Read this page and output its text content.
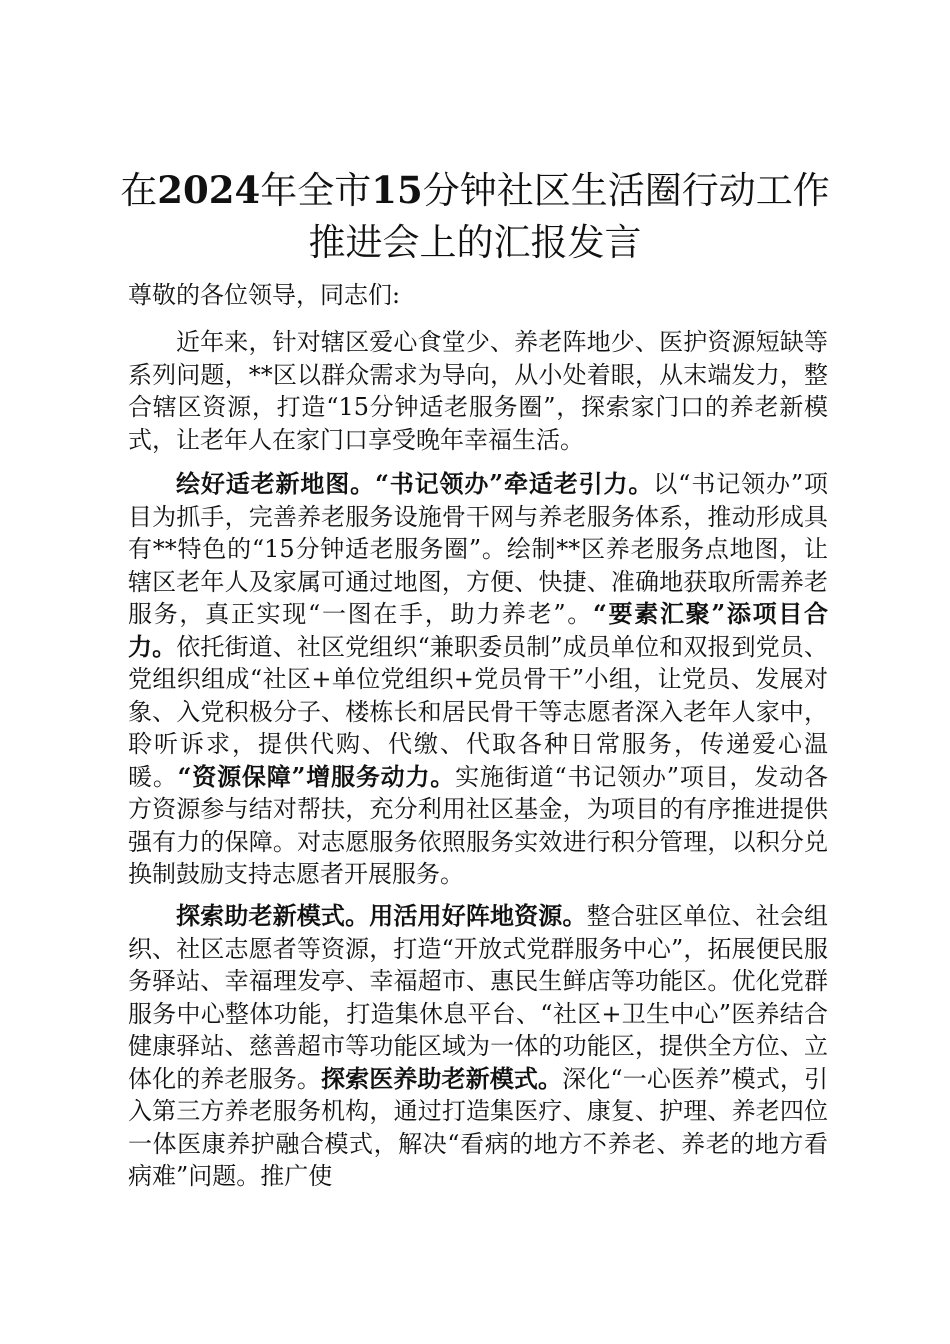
在2024年全市15分钟社区生活圈行动工作推进会上的汇报发言

尊敬的各位领导，同志们:

近年来，针对辖区爱心食堂少、养老阵地少、医护资源短缺等系列问题，**区以群众需求为导向，从小处着眼，从末端发力，整合辖区资源，打造“15分钟适老服务圈”，探索家门口的养老新模式，让老年人在家门口享受晚年幸福生活。

绘好适老新地图。“书记领办”牵适老引力。以“书记领办”项目为抓手，完善养老服务设施骨干网与养老服务体系，推动形成具有**特色的“15分钟适老服务圈”。绘制**区养老服务点地图，让辖区老年人及家属可通过地图，方便、快捷、准确地获取所需养老服务，真正实现“一图在手，助力养老”。“要素汇聚”添项目合力。依托街道、社区党组织“兼职委员制”成员单位和双报到党员、党组织组成“社区+单位党组织+党员骨干”小组，让党员、发展对象、入党积极分子、楼栋长和居民骨干等志愿者深入老年人家中，聆听诉求，提供代购、代缴、代取各种日常服务，传递爱心温暖。“资源保障”增服务动力。实施街道“书记领办”项目，发动各方资源参与结对帮扶，充分利用社区基金，为项目的有序推进提供强有力的保障。对志愿服务依照服务实效进行积分管理，以积分兑换制鼓励支持志愿者开展服务。

探索助老新模式。用活用好阵地资源。整合驻区单位、社会组织、社区志愿者等资源，打造“开放式党群服务中心”，拓展便民服务驿站、幸福理发亭、幸福超市、惠民生鲜店等功能区。优化党群服务中心整体功能，打造集休息平台、“社区+卫生中心”医养结合健康驿站、慈善超市等功能区域为一体的功能区，提供全方位、立体化的养老服务。探索医养助老新模式。深化“一心医养”模式，引入第三方养老服务机构，通过打造集医疗、康复、护理、养老四位一体医康养护融合模式，解决“看病的地方不养老、养老的地方看病难”问题。推广使
